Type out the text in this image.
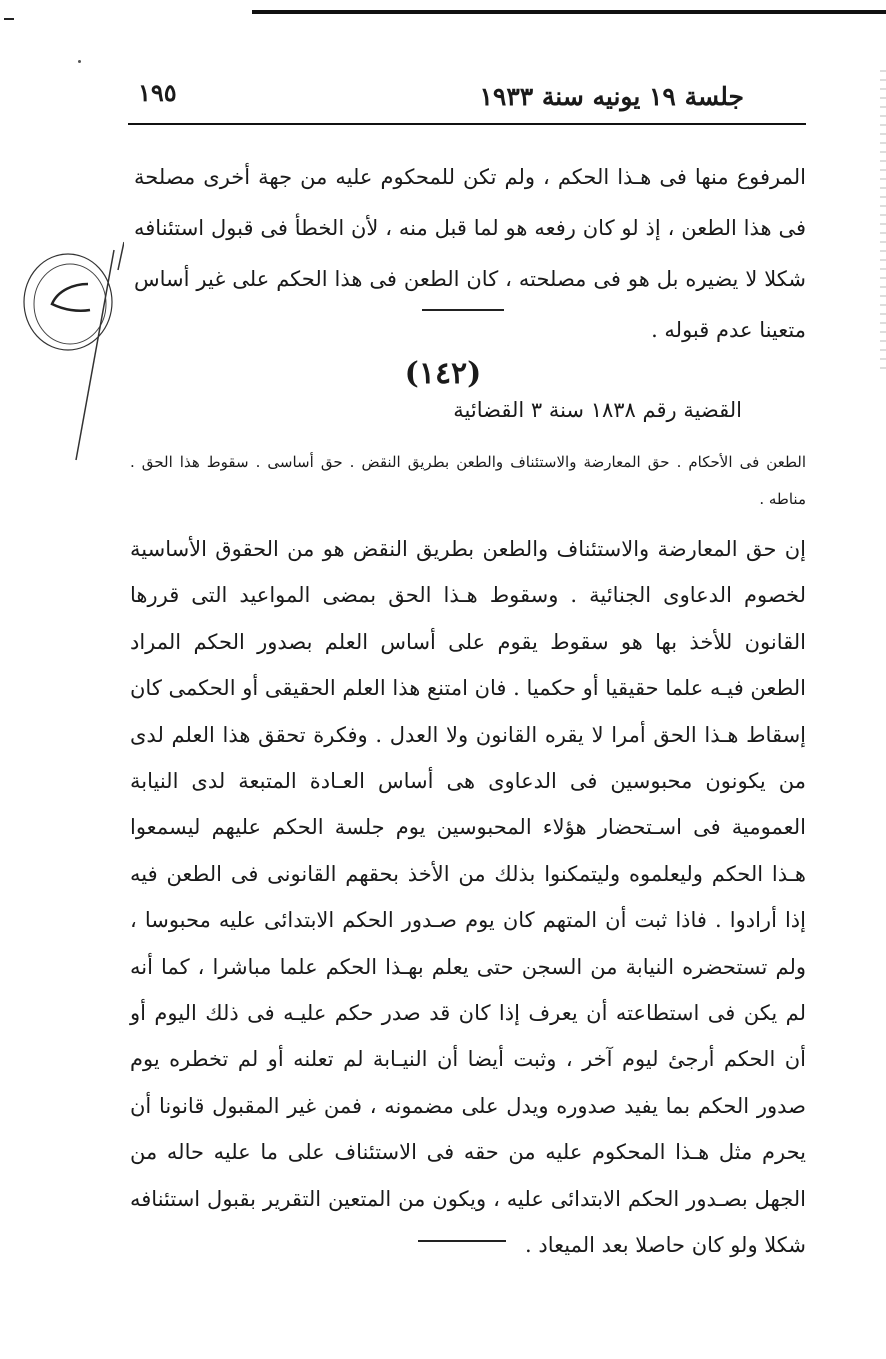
جلسة ١٩ يونيه سنة ١٩٣٣
١٩٥

المرفوع منها فى هـذا الحكم ، ولم تكن للمحكوم عليه من جهة أخرى مصلحة فى هذا الطعن ، إذ لو كان رفعه هو لما قبل منه ، لأن الخطأ فى قبول استئنافه شكلا لا يضيره بل هو فى مصلحته ، كان الطعن فى هذا الحكم على غير أساس متعينا عدم قبوله .

(١٤٢)
القضية رقم ١٨٣٨ سنة ٣ القضائية

الطعن فى الأحكام . حق المعارضة والاستئناف والطعن بطريق النقض . حق أساسى . سقوط هذا الحق . مناطه .

إن حق المعارضة والاستئناف والطعن بطريق النقض هو من الحقوق الأساسية لخصوم الدعاوى الجنائية . وسقوط هـذا الحق بمضى المواعيد التى قررها القانون للأخذ بها هو سقوط يقوم على أساس العلم بصدور الحكم المراد الطعن فيـه علما حقيقيا أو حكميا . فان امتنع هذا العلم الحقيقى أو الحكمى كان إسقاط هـذا الحق أمرا لا يقره القانون ولا العدل . وفكرة تحقق هذا العلم لدى من يكونون محبوسين فى الدعاوى هى أساس العـادة المتبعة لدى النيابة العمومية فى اسـتحضار هؤلاء المحبوسين يوم جلسة الحكم عليهم ليسمعوا هـذا الحكم وليعلموه وليتمكنوا بذلك من الأخذ بحقهم القانونى فى الطعن فيه إذا أرادوا . فاذا ثبت أن المتهم كان يوم صـدور الحكم الابتدائى عليه محبوسا ، ولم تستحضره النيابة من السجن حتى يعلم بهـذا الحكم علما مباشرا ، كما أنه لم يكن فى استطاعته أن يعرف إذا كان قد صدر حكم عليـه فى ذلك اليوم أو أن الحكم أرجئ ليوم آخر ، وثبت أيضا أن النيـابة لم تعلنه أو لم تخطره يوم صدور الحكم بما يفيد صدوره ويدل على مضمونه ، فمن غير المقبول قانونا أن يحرم مثل هـذا المحكوم عليه من حقه فى الاستئناف على ما عليه حاله من الجهل بصـدور الحكم الابتدائى عليه ، ويكون من المتعين التقرير بقبول استئنافه شكلا ولو كان حاصلا بعد الميعاد .
